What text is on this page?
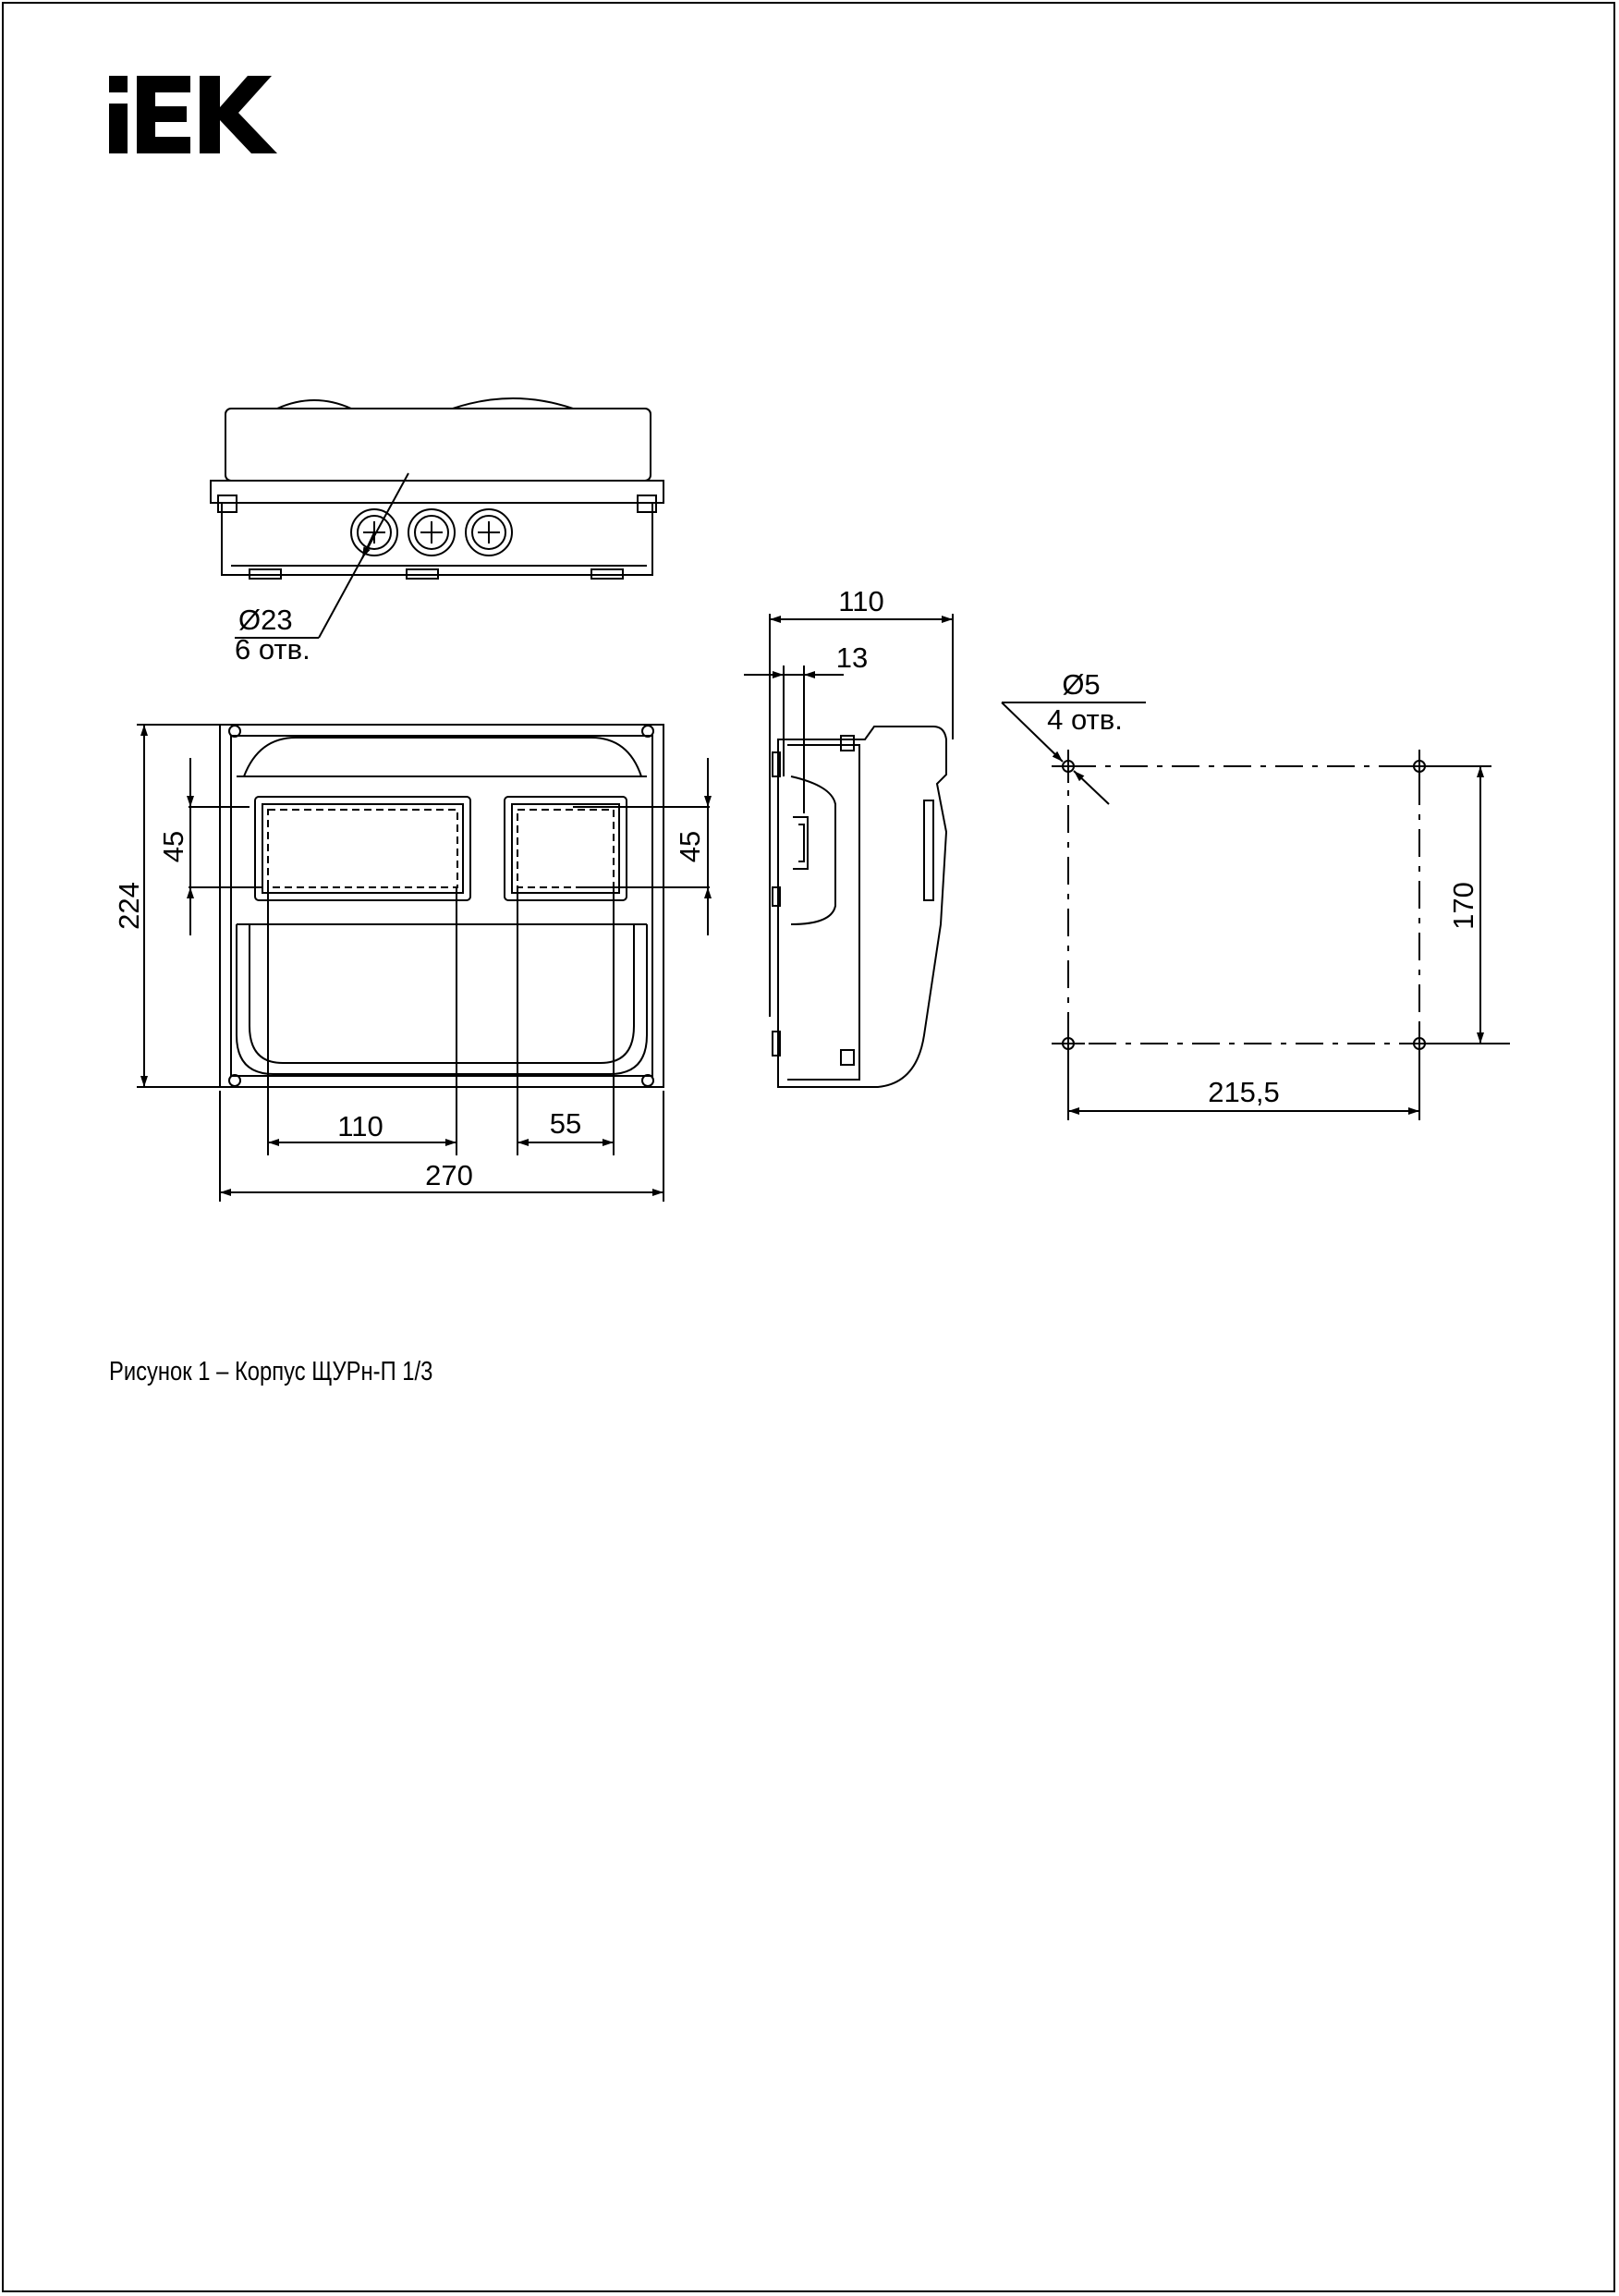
Ø23
6 отв.
110
13
Ø5
4 отв.
224
45	45
110	55
270
170
215,5
Рисунок 1 – Корпус ЩУРн-П 1/3
